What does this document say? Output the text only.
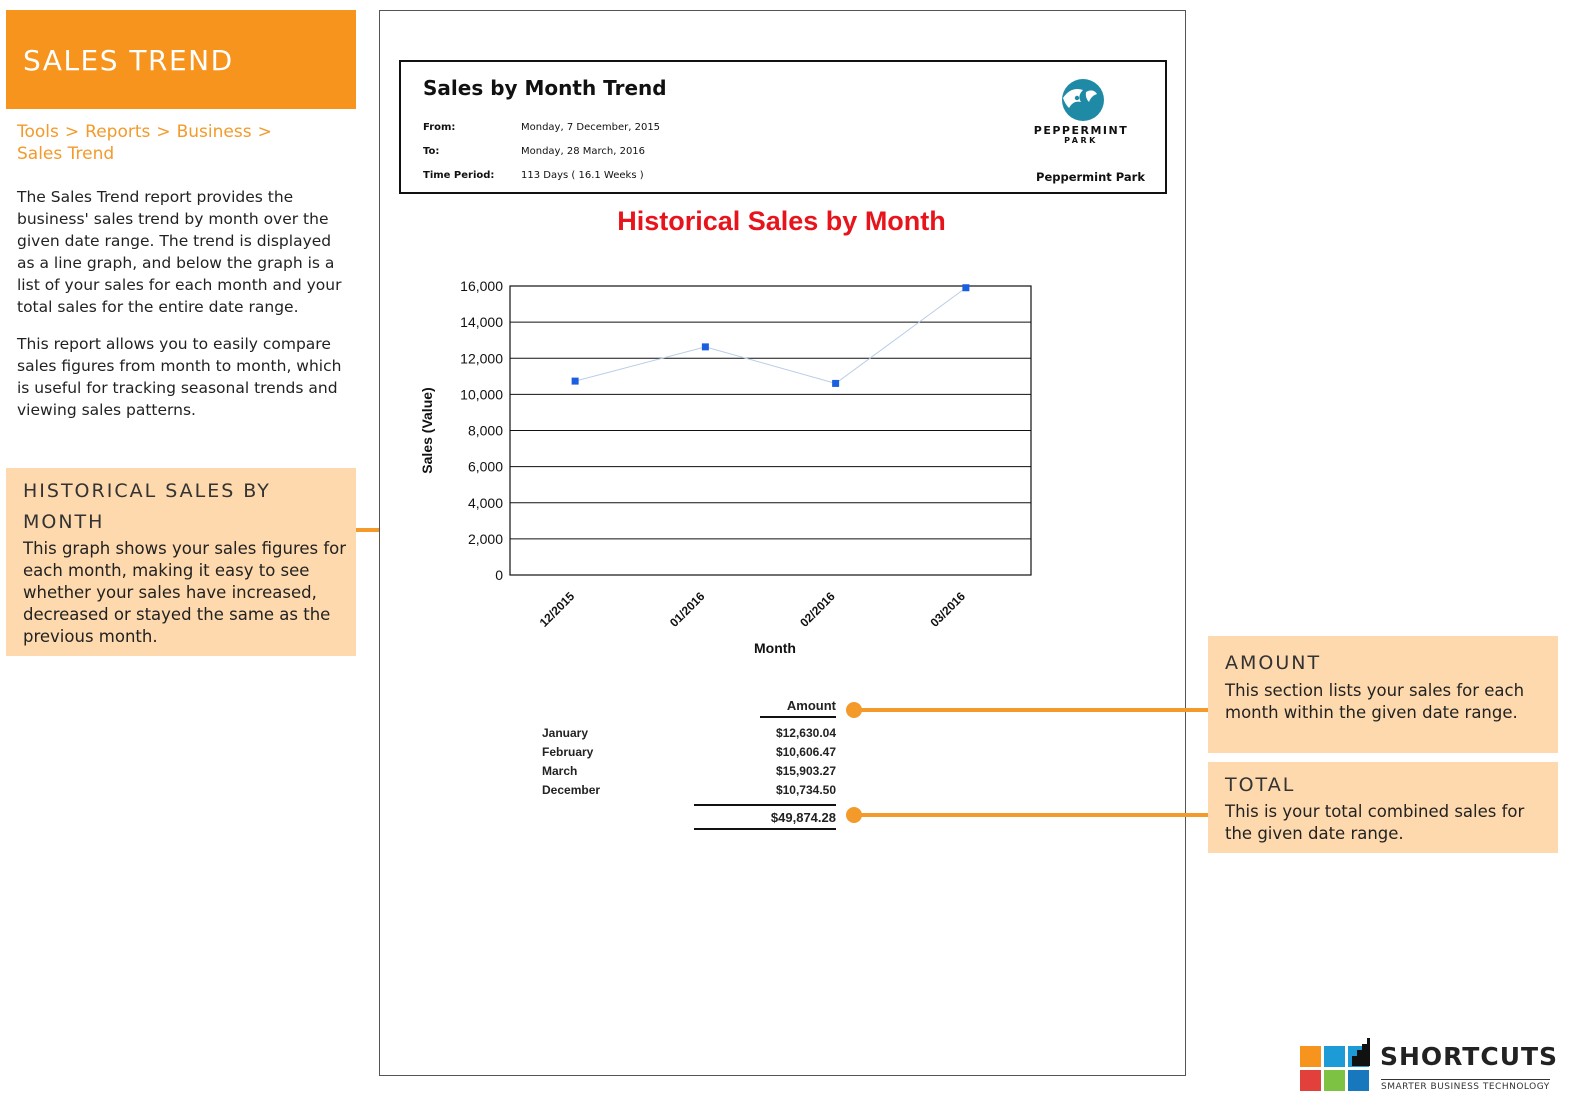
SALES TREND
Tools > Reports > Business >
Sales Trend
The Sales Trend report provides the business' sales trend by month over the given date range. The trend is displayed as a line graph, and below the graph is a list of your sales for each month and your total sales for the entire date range.
This report allows you to easily compare sales figures from month to month, which is useful for tracking seasonal trends and viewing sales patterns.
HISTORICAL SALES BY MONTH
This graph shows your sales figures for each month, making it easy to see whether your sales have increased, decreased or stayed the same as the previous month.
Sales by Month Trend
From:	Monday, 7 December, 2015
To:	Monday, 28 March, 2016
Time Period:	113 Days ( 16.1 Weeks )
PEPPERMINT
PARK
Peppermint Park
Historical Sales by Month
0
2,000
4,000
6,000
8,000
10,000
12,000
14,000
16,000
12/2015	01/2016	02/2016	03/2016
Sales (Value)
Month
Amount
January	$12,630.04
February	$10,606.47
March	$15,903.27
December	$10,734.50
$49,874.28
AMOUNT
This section lists your sales for each month within the given date range.
TOTAL
This is your total combined sales for the given date range.
SHORTCUTS
SMARTER BUSINESS TECHNOLOGY
